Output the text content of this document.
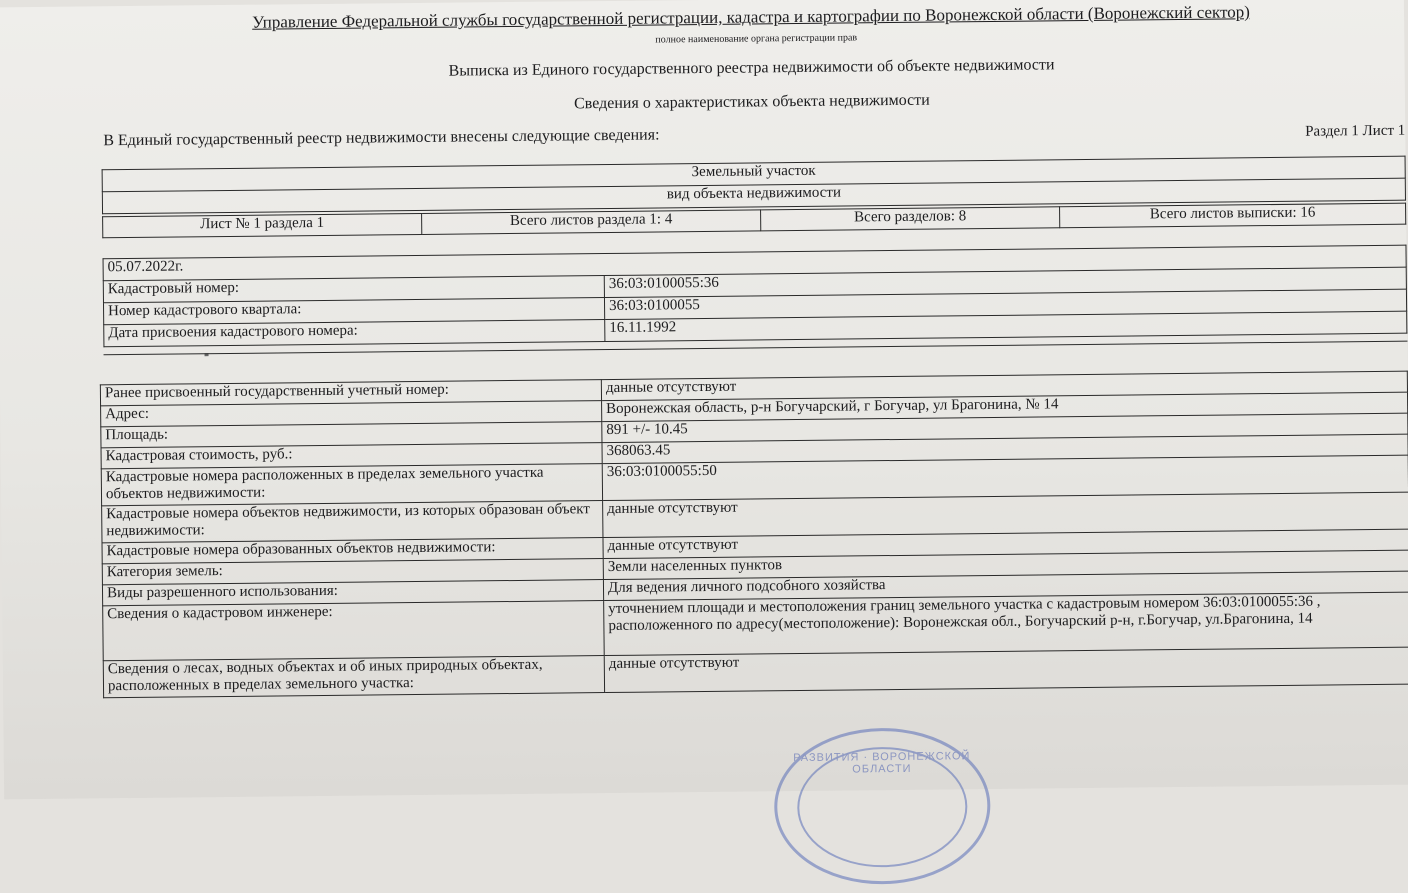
Управление Федеральной службы государственной регистрации, кадастра и картографии по Воронежской области (Воронежский сектор)
полное наименование органа регистрации прав
Выписка из Единого государственного реестра недвижимости об объекте недвижимости
Сведения о характеристиках объекта недвижимости
В Единый государственный реестр недвижимости внесены следующие сведения:	Раздел 1 Лист 1
Земельный участок
вид объекта недвижимости
Лист № 1 раздела 1	Всего листов раздела 1: 4	Всего разделов: 8	Всего листов выписки: 16
05.07.2022г.	
Кадастровый номер:	36:03:0100055:36
Номер кадастрового квартала:	36:03:0100055
Дата присвоения кадастрового номера:	16.11.1992
Ранее присвоенный государственный учетный номер:	данные отсутствуют
Адрес:	Воронежская область, р-н Богучарский, г Богучар, ул Брагонина, № 14
Площадь:	891 +/- 10.45
Кадастровая стоимость, руб.:	368063.45
Кадастровые номера расположенных в пределах земельного участка объектов недвижимости:	36:03:0100055:50
Кадастровые номера объектов недвижимости, из которых образован объект недвижимости:	данные отсутствуют
Кадастровые номера образованных объектов недвижимости:	данные отсутствуют
Категория земель:	Земли населенных пунктов
Виды разрешенного использования:	Для ведения личного подсобного хозяйства
Сведения о кадастровом инженере:	уточнением площади и местоположения границ земельного участка с кадастровым номером 36:03:0100055:36 , расположенного по адресу(местоположение): Воронежская обл., Богучарский р-н, г.Богучар, ул.Брагонина, 14
Сведения о лесах, водных объектах и об иных природных объектах, расположенных в пределах земельного участка:	данные отсутствуют
РАЗВИТИЯ · ВОРОНЕЖСКОЙ ОБЛАСТИ
